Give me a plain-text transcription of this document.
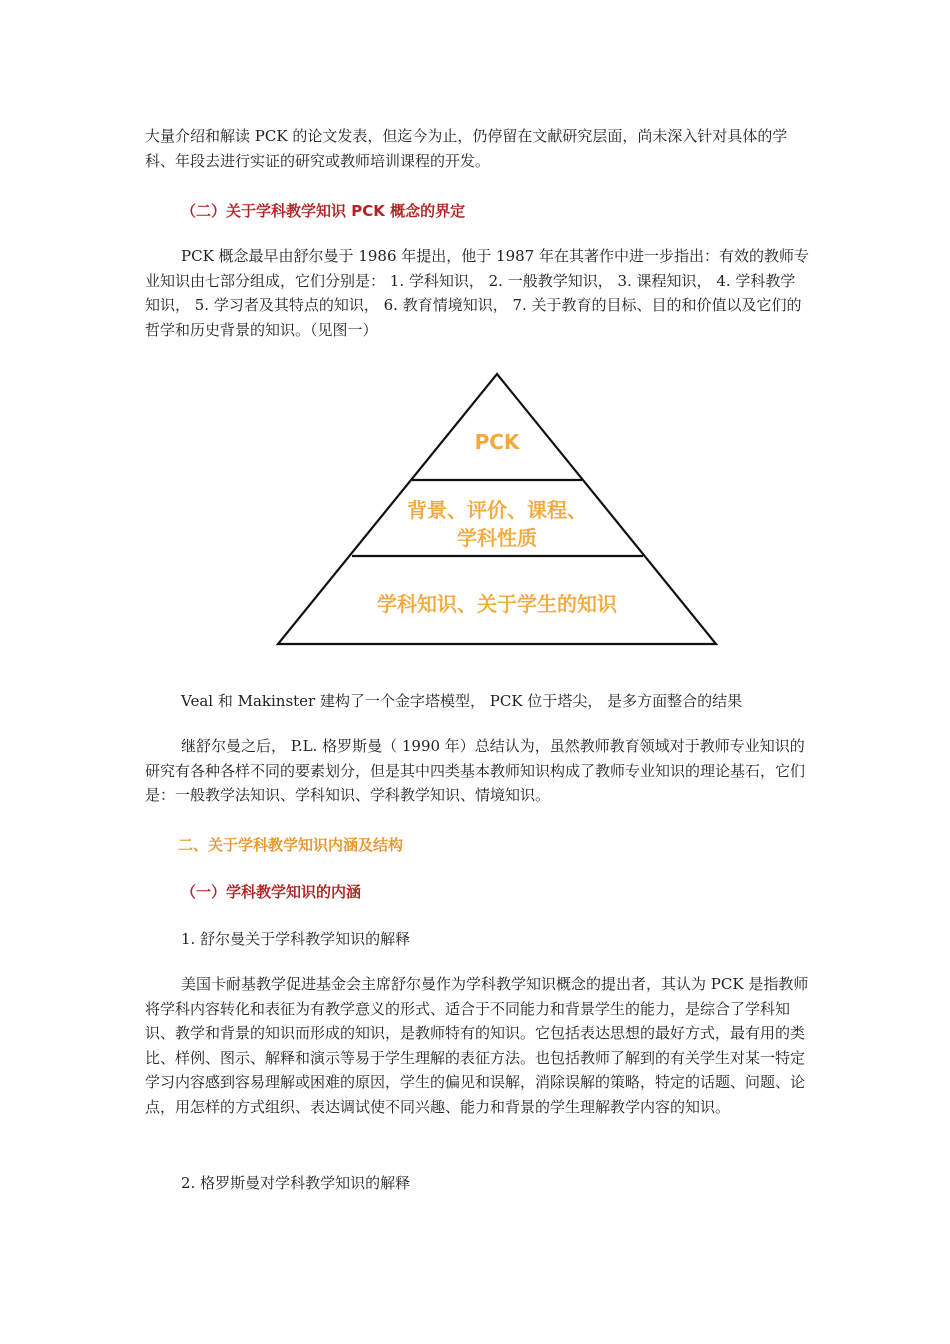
大量介绍和解读 PCK 的论文发表，但迄今为止，仍停留在文献研究层面，尚未深入针对具体的学科、年段去进行实证的研究或教师培训课程的开发。

（二）关于学科教学知识 PCK 概念的界定

PCK 概念最早由舒尔曼于 1986 年提出，他于 1987 年在其著作中进一步指出：有效的教师专业知识由七部分组成，它们分别是： 1. 学科知识， 2. 一般教学知识， 3. 课程知识， 4. 学科教学知识， 5. 学习者及其特点的知识， 6. 教育情境知识， 7. 关于教育的目标、目的和价值以及它们的哲学和历史背景的知识。（见图一）

PCK
背景、评价、课程、
学科性质
学科知识、关于学生的知识

Veal 和 Makinster 建构了一个金字塔模型， PCK 位于塔尖， 是多方面整合的结果

继舒尔曼之后， P.L. 格罗斯曼（ 1990 年）总结认为，虽然教师教育领域对于教师专业知识的研究有各种各样不同的要素划分，但是其中四类基本教师知识构成了教师专业知识的理论基石，它们是：一般教学法知识、学科知识、学科教学知识、情境知识。

二、关于学科教学知识内涵及结构

（一）学科教学知识的内涵

1. 舒尔曼关于学科教学知识的解释

美国卡耐基教学促进基金会主席舒尔曼作为学科教学知识概念的提出者，其认为 PCK 是指教师将学科内容转化和表征为有教学意义的形式、适合于不同能力和背景学生的能力，是综合了学科知识、教学和背景的知识而形成的知识，是教师特有的知识。它包括表达思想的最好方式，最有用的类比、样例、图示、解释和演示等易于学生理解的表征方法。也包括教师了解到的有关学生对某一特定学习内容感到容易理解或困难的原因，学生的偏见和误解，消除误解的策略，特定的话题、问题、论点，用怎样的方式组织、表达调试使不同兴趣、能力和背景的学生理解教学内容的知识。

2. 格罗斯曼对学科教学知识的解释
